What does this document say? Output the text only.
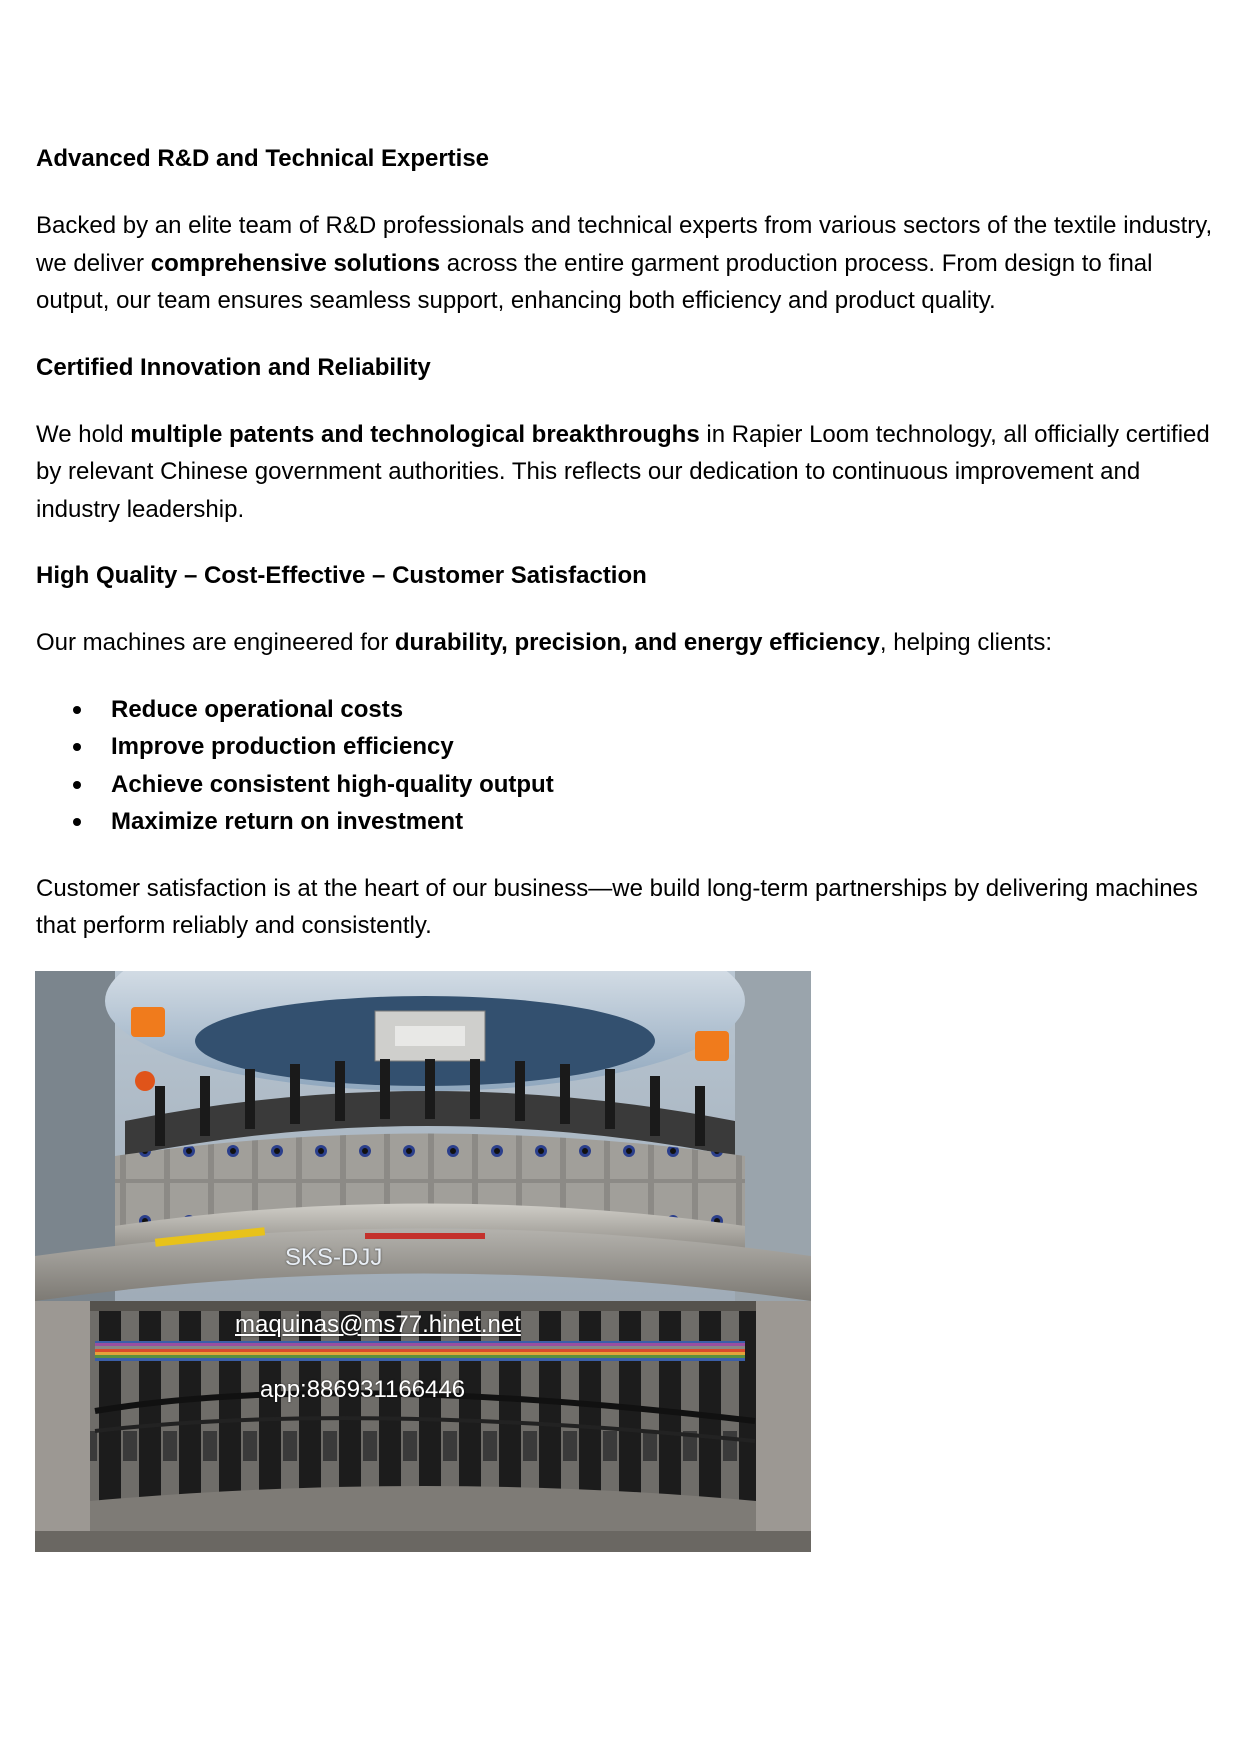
Advanced R&D and Technical Expertise

Backed by an elite team of R&D professionals and technical experts from various sectors of the textile industry, we deliver comprehensive solutions across the entire garment production process. From design to final output, our team ensures seamless support, enhancing both efficiency and product quality.

Certified Innovation and Reliability

We hold multiple patents and technological breakthroughs in Rapier Loom technology, all officially certified by relevant Chinese government authorities. This reflects our dedication to continuous improvement and industry leadership.

High Quality – Cost-Effective – Customer Satisfaction

Our machines are engineered for durability, precision, and energy efficiency, helping clients:

Reduce operational costs
Improve production efficiency
Achieve consistent high-quality output
Maximize return on investment

Customer satisfaction is at the heart of our business—we build long-term partnerships by delivering machines that perform reliably and consistently.

SKS-DJJ
maquinas@ms77.hinet.net
app:886931166446
